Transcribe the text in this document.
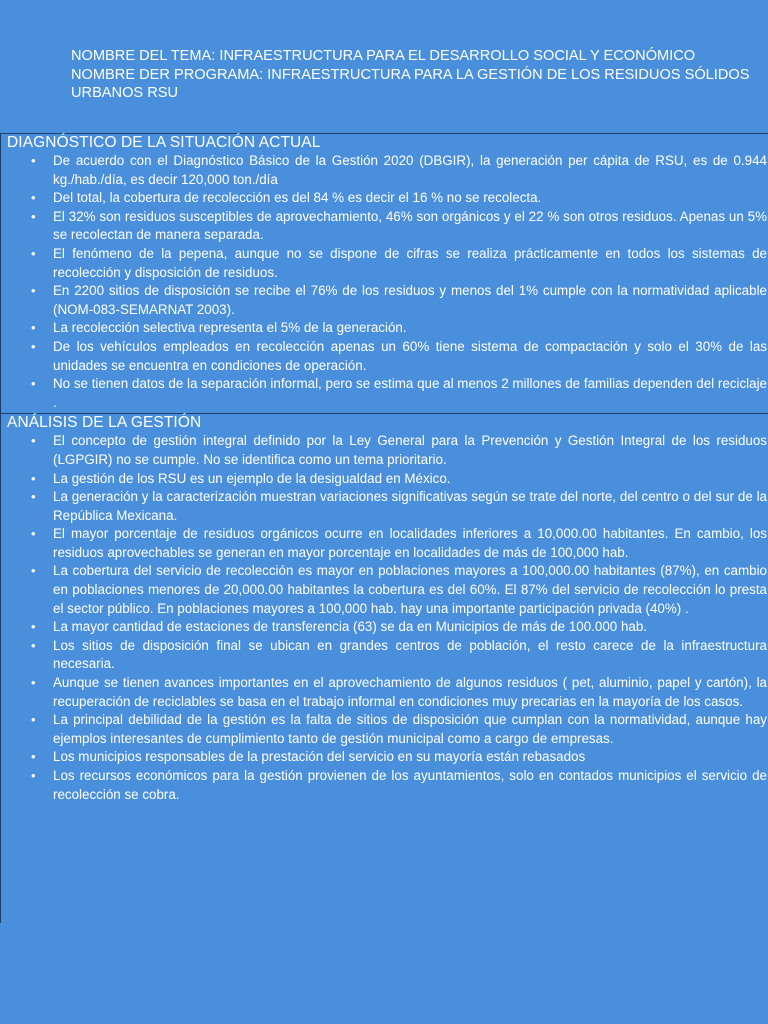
NOMBRE DEL TEMA: INFRAESTRUCTURA PARA EL DESARROLLO SOCIAL Y ECONÓMICO
NOMBRE DER PROGRAMA: INFRAESTRUCTURA PARA LA GESTIÓN DE LOS RESIDUOS SÓLIDOS URBANOS RSU
DIAGNÓSTICO DE LA SITUACIÓN ACTUAL
• De acuerdo con el Diagnóstico Básico de la Gestión 2020 (DBGIR), la generación per cápita de RSU, es de 0.944 kg./hab./día, es decir 120,000 ton./día
• Del total, la cobertura de recolección es del 84 % es decir el 16 % no se recolecta.
• El 32% son residuos susceptibles de aprovechamiento, 46% son orgánicos y el 22 % son otros residuos. Apenas un 5% se recolectan de manera separada.
• El fenómeno de la pepena, aunque no se dispone de cifras se realiza prácticamente en todos los sistemas de recolección y disposición de residuos.
• En 2200 sitios de disposición se recibe el 76% de los residuos y menos del 1% cumple con la normatividad aplicable (NOM-083-SEMARNAT 2003).
• La recolección selectiva representa el 5% de la generación.
• De los vehículos empleados en recolección apenas un 60% tiene sistema de compactación y solo el 30% de las unidades se encuentra en condiciones de operación.
• No se tienen datos de la separación informal, pero se estima que al menos 2 millones de familias dependen del reciclaje .
ANÁLISIS DE LA GESTIÓN
• El concepto de gestión integral definido por la Ley General para la Prevención y Gestión Integral de los residuos (LGPGIR) no se cumple. No se identifica como un tema prioritario.
• La gestión de los RSU es un ejemplo de la desigualdad en México.
• La generación y la caracterización muestran variaciones significativas según se trate del norte, del centro o del sur de la República Mexicana.
• El mayor porcentaje de residuos orgánicos ocurre en localidades inferiores a 10,000.00 habitantes. En cambio, los residuos aprovechables se generan en mayor porcentaje en localidades de más de 100,000 hab.
• La cobertura del servicio de recolección es mayor en poblaciones mayores a 100,000.00 habitantes (87%), en cambio en poblaciones menores de 20,000.00 habitantes la cobertura es del 60%. El 87% del servicio de recolección lo presta el sector público. En poblaciones mayores a 100,000 hab. hay una importante participación privada (40%) .
• La mayor cantidad de estaciones de transferencia (63) se da en Municipios de más de 100.000 hab.
• Los sitios de disposición final se ubican en grandes centros de población, el resto carece de la infraestructura necesaria.
• Aunque se tienen avances importantes en el aprovechamiento de algunos residuos ( pet, aluminio, papel y cartón), la recuperación de reciclables se basa en el trabajo informal en condiciones muy precarias en la mayoría de los casos.
• La principal debilidad de la gestión es la falta de sitios de disposición que cumplan con la normatividad, aunque hay ejemplos interesantes de cumplimiento tanto de gestión municipal como a cargo de empresas.
• Los municipios responsables de la prestación del servicio en su mayoría están rebasados
• Los recursos económicos para la gestión provienen de los ayuntamientos, solo en contados municipios el servicio de recolección se cobra.
